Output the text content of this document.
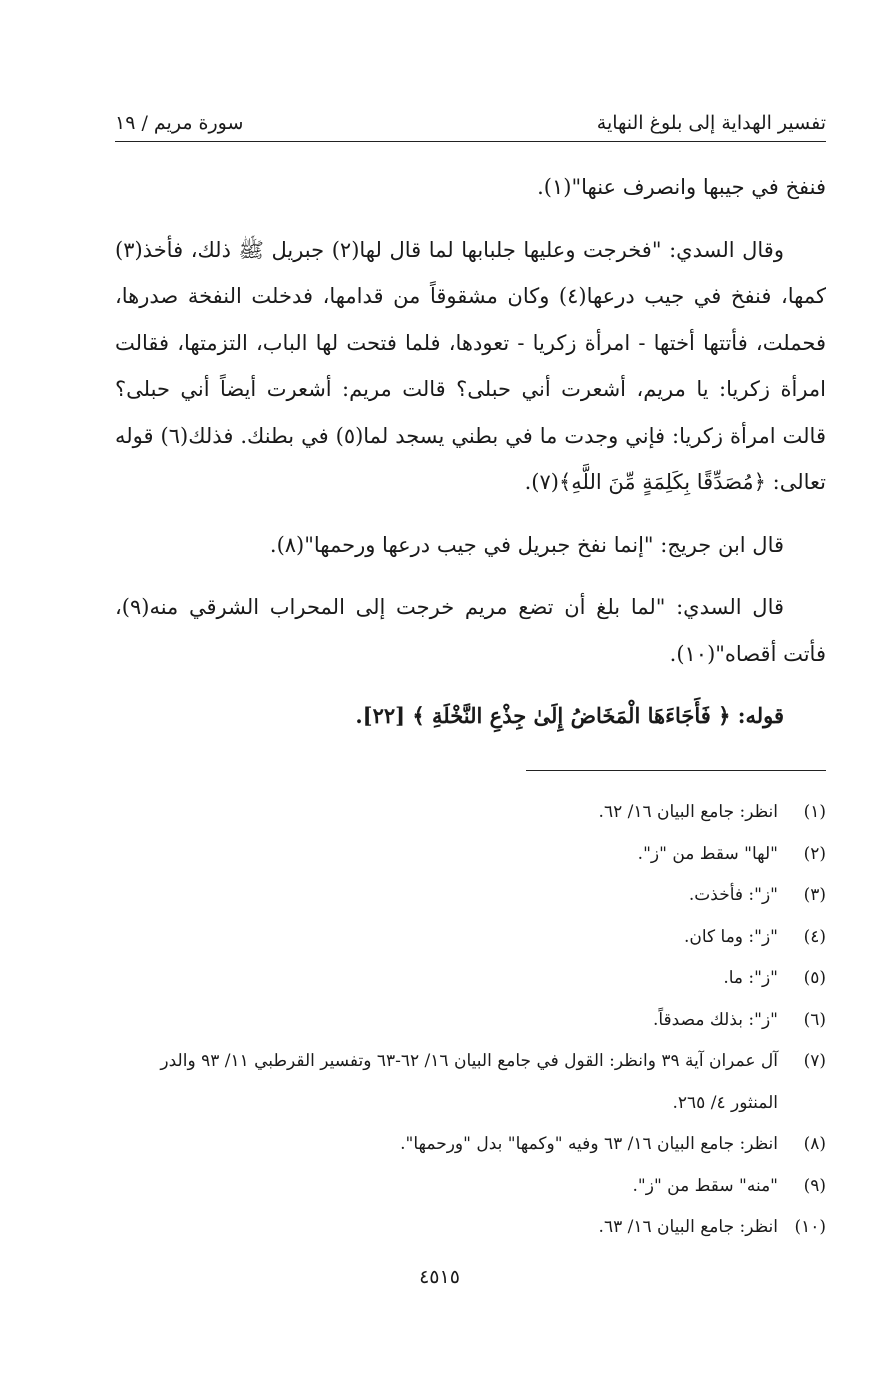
تفسير الهداية إلى بلوغ النهاية
سورة مريم / ١٩

فنفخ في جيبها وانصرف عنها"(١).

وقال السدي: "فخرجت وعليها جلبابها لما قال لها(٢) جبريل ﷺ ذلك، فأخذ(٣) كمها، فنفخ في جيب درعها(٤) وكان مشقوقاً من قدامها، فدخلت النفخة صدرها، فحملت، فأتتها أختها - امرأة زكريا - تعودها، فلما فتحت لها الباب، التزمتها، فقالت امرأة زكريا: يا مريم، أشعرت أني حبلى؟ قالت مريم: أشعرت أيضاً أني حبلى؟ قالت امرأة زكريا: فإني وجدت ما في بطني يسجد لما(٥) في بطنك. فذلك(٦) قوله تعالى: ﴿مُصَدِّقًا بِكَلِمَةٍ مِّنَ اللَّهِ﴾(٧).

قال ابن جريج: "إنما نفخ جبريل في جيب درعها ورحمها"(٨).

قال السدي: "لما بلغ أن تضع مريم خرجت إلى المحراب الشرقي منه(٩)، فأتت أقصاه"(١٠).

قوله: ﴿ فَأَجَاءَهَا الْمَخَاضُ إِلَىٰ جِذْعِ النَّخْلَةِ ﴾ [٢٢].

(١)
انظر: جامع البيان ١٦/ ٦٢.
(٢)
"لها" سقط من "ز".
(٣)
"ز": فأخذت.
(٤)
"ز": وما كان.
(٥)
"ز": ما.
(٦)
"ز": بذلك مصدقاً.
(٧)
آل عمران آية ٣٩ وانظر: القول في جامع البيان ١٦/ ٦٢-٦٣ وتفسير القرطبي ١١/ ٩٣ والدر المنثور ٤/ ٢٦٥.
(٨)
انظر: جامع البيان ١٦/ ٦٣ وفيه "وكمها" بدل "ورحمها".
(٩)
"منه" سقط من "ز".
(١٠)
انظر: جامع البيان ١٦/ ٦٣.
٤٥١٥
